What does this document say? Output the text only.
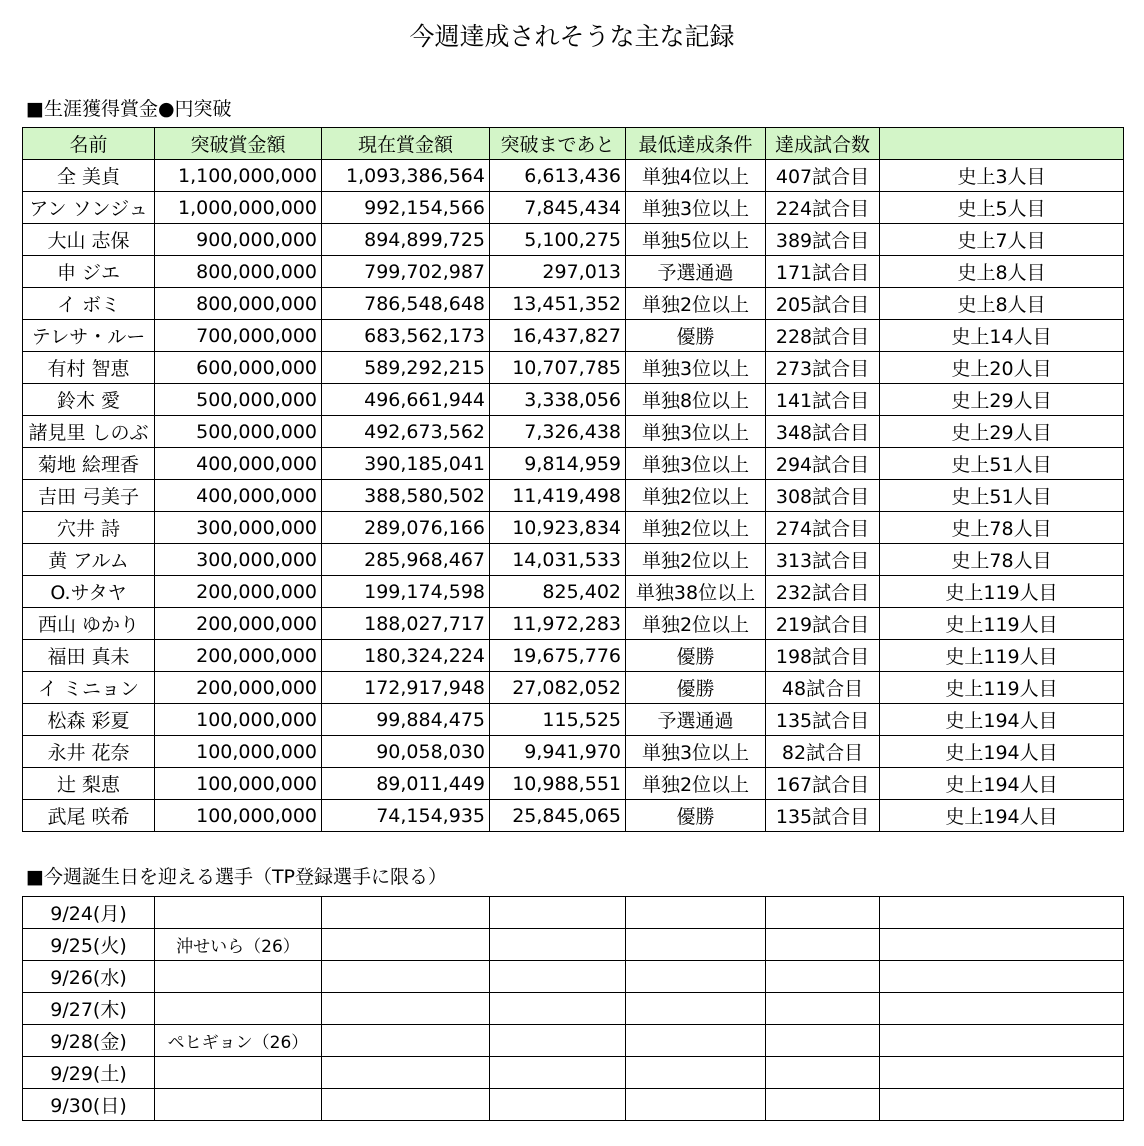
今週達成されそうな主な記録
■生涯獲得賞金●円突破
名前	突破賞金額	現在賞金額	突破まであと	最低達成条件	達成試合数	
全 美貞	1,100,000,000	1,093,386,564	6,613,436	単独4位以上	407試合目	史上3人目
アン ソンジュ	1,000,000,000	992,154,566	7,845,434	単独3位以上	224試合目	史上5人目
大山 志保	900,000,000	894,899,725	5,100,275	単独5位以上	389試合目	史上7人目
申 ジエ	800,000,000	799,702,987	297,013	予選通過	171試合目	史上8人目
イ ボミ	800,000,000	786,548,648	13,451,352	単独2位以上	205試合目	史上8人目
テレサ・ルー	700,000,000	683,562,173	16,437,827	優勝	228試合目	史上14人目
有村 智恵	600,000,000	589,292,215	10,707,785	単独3位以上	273試合目	史上20人目
鈴木 愛	500,000,000	496,661,944	3,338,056	単独8位以上	141試合目	史上29人目
諸見里 しのぶ	500,000,000	492,673,562	7,326,438	単独3位以上	348試合目	史上29人目
菊地 絵理香	400,000,000	390,185,041	9,814,959	単独3位以上	294試合目	史上51人目
吉田 弓美子	400,000,000	388,580,502	11,419,498	単独2位以上	308試合目	史上51人目
穴井 詩	300,000,000	289,076,166	10,923,834	単独2位以上	274試合目	史上78人目
黄 アルム	300,000,000	285,968,467	14,031,533	単独2位以上	313試合目	史上78人目
O.サタヤ	200,000,000	199,174,598	825,402	単独38位以上	232試合目	史上119人目
西山 ゆかり	200,000,000	188,027,717	11,972,283	単独2位以上	219試合目	史上119人目
福田 真未	200,000,000	180,324,224	19,675,776	優勝	198試合目	史上119人目
イ ミニョン	200,000,000	172,917,948	27,082,052	優勝	48試合目	史上119人目
松森 彩夏	100,000,000	99,884,475	115,525	予選通過	135試合目	史上194人目
永井 花奈	100,000,000	90,058,030	9,941,970	単独3位以上	82試合目	史上194人目
辻 梨恵	100,000,000	89,011,449	10,988,551	単独2位以上	167試合目	史上194人目
武尾 咲希	100,000,000	74,154,935	25,845,065	優勝	135試合目	史上194人目
■今週誕生日を迎える選手（TP登録選手に限る）
9/24(月)						
9/25(火)	沖せいら（26）					
9/26(水)						
9/27(木)						
9/28(金)	ペヒギョン（26）					
9/29(土)						
9/30(日)						
